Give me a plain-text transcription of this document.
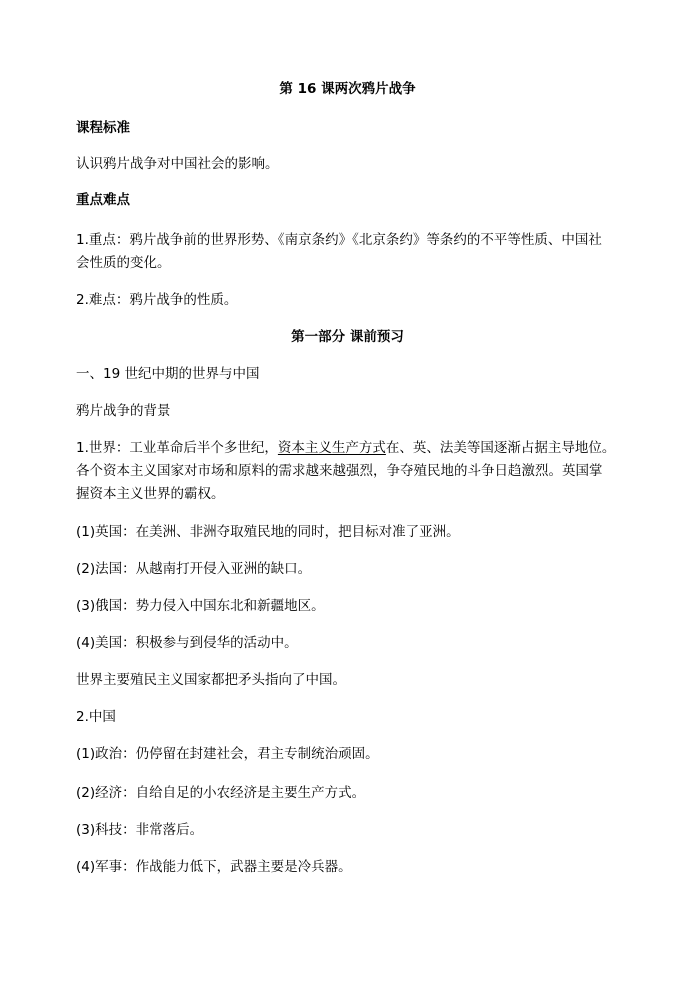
第 16 课两次鸦片战争
课程标准
认识鸦片战争对中国社会的影响。
重点难点
1.重点：鸦片战争前的世界形势、《南京条约》《北京条约》等条约的不平等性质、中国社
会性质的变化。
2.难点：鸦片战争的性质。
第一部分 课前预习
一、19 世纪中期的世界与中国
鸦片战争的背景
1.世界：工业革命后半个多世纪，资本主义生产方式在、英、法美等国逐渐占据主导地位。
各个资本主义国家对市场和原料的需求越来越强烈，争夺殖民地的斗争日趋激烈。英国掌
握资本主义世界的霸权。
(1)英国：在美洲、非洲夺取殖民地的同时，把目标对准了亚洲。
(2)法国：从越南打开侵入亚洲的缺口。
(3)俄国：势力侵入中国东北和新疆地区。
(4)美国：积极参与到侵华的活动中。
世界主要殖民主义国家都把矛头指向了中国。
2.中国
(1)政治：仍停留在封建社会，君主专制统治顽固。
(2)经济：自给自足的小农经济是主要生产方式。
(3)科技：非常落后。
(4)军事：作战能力低下，武器主要是冷兵器。
